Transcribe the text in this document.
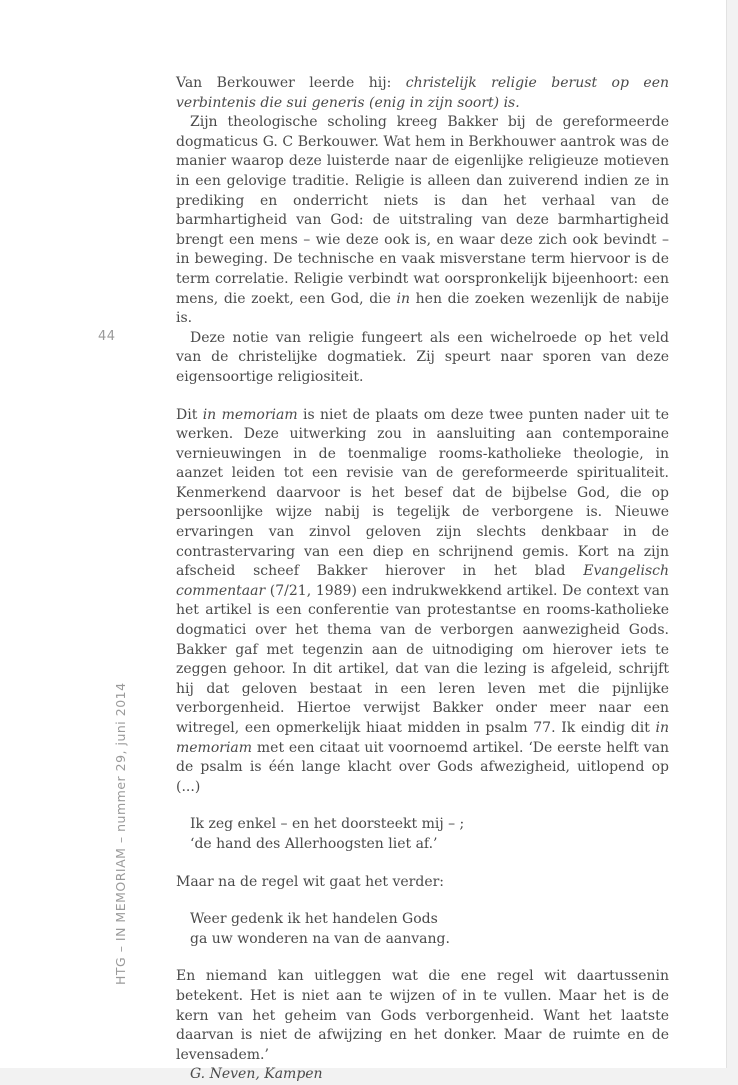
44
HTG – IN MEMORIAM – nummer 29, juni 2014

Van Berkouwer leerde hij: christelijk religie berust op een verbintenis die sui generis (enig in zijn soort) is.

Zijn theologische scholing kreeg Bakker bij de gereformeerde dogmaticus G. C Berkouwer. Wat hem in Berkhouwer aantrok was de manier waarop deze luisterde naar de eigenlijke religieuze motieven in een gelovige traditie. Religie is alleen dan zuiverend indien ze in prediking en onderricht niets is dan het verhaal van de barmhartigheid van God: de uitstraling van deze barmhartigheid brengt een mens – wie deze ook is, en waar deze zich ook bevindt – in beweging. De technische en vaak misverstane term hiervoor is de term correlatie. Religie verbindt wat oorspronkelijk bijeenhoort: een mens, die zoekt, een God, die in hen die zoeken wezenlijk de nabije is.

Deze notie van religie fungeert als een wichelroede op het veld van de christelijke dogmatiek. Zij speurt naar sporen van deze eigensoortige religiositeit.

Dit in memoriam is niet de plaats om deze twee punten nader uit te werken. Deze uitwerking zou in aansluiting aan contemporaine vernieuwingen in de toenmalige rooms-katholieke theologie, in aanzet leiden tot een revisie van de gereformeerde spiritualiteit. Kenmerkend daarvoor is het besef dat de bijbelse God, die op persoonlijke wijze nabij is tegelijk de verborgene is. Nieuwe ervaringen van zinvol geloven zijn slechts denkbaar in de contrastervaring van een diep en schrijnend gemis. Kort na zijn afscheid scheef Bakker hierover in het blad Evangelisch commentaar (7/21, 1989) een indrukwekkend artikel. De context van het artikel is een conferentie van protestantse en rooms-katholieke dogmatici over het thema van de verborgen aanwezigheid Gods. Bakker gaf met tegenzin aan de uitnodiging om hierover iets te zeggen gehoor. In dit artikel, dat van die lezing is afgeleid, schrijft hij dat geloven bestaat in een leren leven met die pijnlijke verborgenheid. Hiertoe verwijst Bakker onder meer naar een witregel, een opmerkelijk hiaat midden in psalm 77. Ik eindig dit in memoriam met een citaat uit voornoemd artikel. ‘De eerste helft van de psalm is één lange klacht over Gods afwezigheid, uitlopend op (...)

Ik zeg enkel – en het doorsteekt mij – ;
‘de hand des Allerhoogsten liet af.’

Maar na de regel wit gaat het verder:

Weer gedenk ik het handelen Gods
ga uw wonderen na van de aanvang.

En niemand kan uitleggen wat die ene regel wit daartussenin betekent. Het is niet aan te wijzen of in te vullen. Maar het is de kern van het geheim van Gods verborgenheid. Want het laatste daarvan is niet de afwijzing en het donker. Maar de ruimte en de levensadem.’

G. Neven, Kampen
